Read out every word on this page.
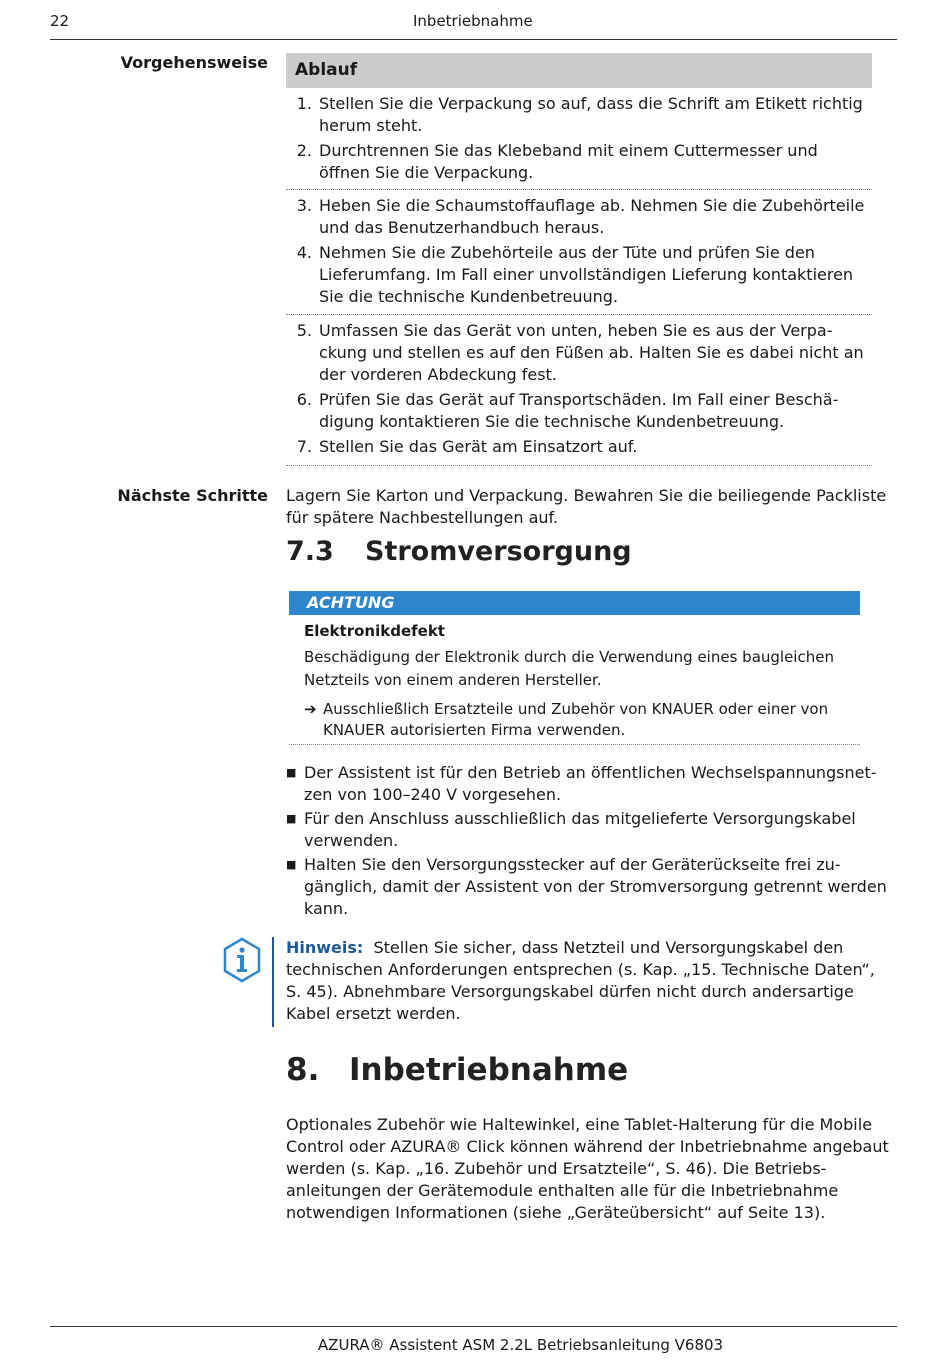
22	Inbetriebnahme
Vorgehensweise	Ablauf
1. Stellen Sie die Verpackung so auf, dass die Schrift am Etikett richtig herum steht.
2. Durchtrennen Sie das Klebeband mit einem Cuttermesser und öffnen Sie die Verpackung.
3. Heben Sie die Schaumstoffauflage ab. Nehmen Sie die Zubehörteile und das Benutzerhandbuch heraus.
4. Nehmen Sie die Zubehörteile aus der Tüte und prüfen Sie den Lieferumfang. Im Fall einer unvollständigen Lieferung kontaktieren Sie die technische Kundenbetreuung.
5. Umfassen Sie das Gerät von unten, heben Sie es aus der Verpackung und stellen es auf den Füßen ab. Halten Sie es dabei nicht an der vorderen Abdeckung fest.
6. Prüfen Sie das Gerät auf Transportschäden. Im Fall einer Beschädigung kontaktieren Sie die technische Kundenbetreuung.
7. Stellen Sie das Gerät am Einsatzort auf.
Nächste Schritte Lagern Sie Karton und Verpackung. Bewahren Sie die beiliegende Packliste für spätere Nachbestellungen auf.
7.3 Stromversorgung
ACHTUNG
Elektronikdefekt
Beschädigung der Elektronik durch die Verwendung eines baugleichen Netzteils von einem anderen Hersteller.
➔ Ausschließlich Ersatzteile und Zubehör von KNAUER oder einer von KNAUER autorisierten Firma verwenden.
■ Der Assistent ist für den Betrieb an öffentlichen Wechselspannungsnetzen von 100–240 V vorgesehen.
■ Für den Anschluss ausschließlich das mitgelieferte Versorgungskabel verwenden.
■ Halten Sie den Versorgungsstecker auf der Geräterückseite frei zugänglich, damit der Assistent von der Stromversorgung getrennt werden kann.
Hinweis: Stellen Sie sicher, dass Netzteil und Versorgungskabel den technischen Anforderungen entsprechen (s. Kap. „15. Technische Daten“, S. 45). Abnehmbare Versorgungskabel dürfen nicht durch andersartige Kabel ersetzt werden.
8. Inbetriebnahme
Optionales Zubehör wie Haltewinkel, eine Tablet-Halterung für die Mobile Control oder AZURA® Click können während der Inbetriebnahme angebaut werden (s. Kap. „16. Zubehör und Ersatzteile“, S. 46). Die Betriebsanleitungen der Gerätemodule enthalten alle für die Inbetriebnahme notwendigen Informationen (siehe „Geräteübersicht“ auf Seite 13).
AZURA® Assistent ASM 2.2L Betriebsanleitung V6803
